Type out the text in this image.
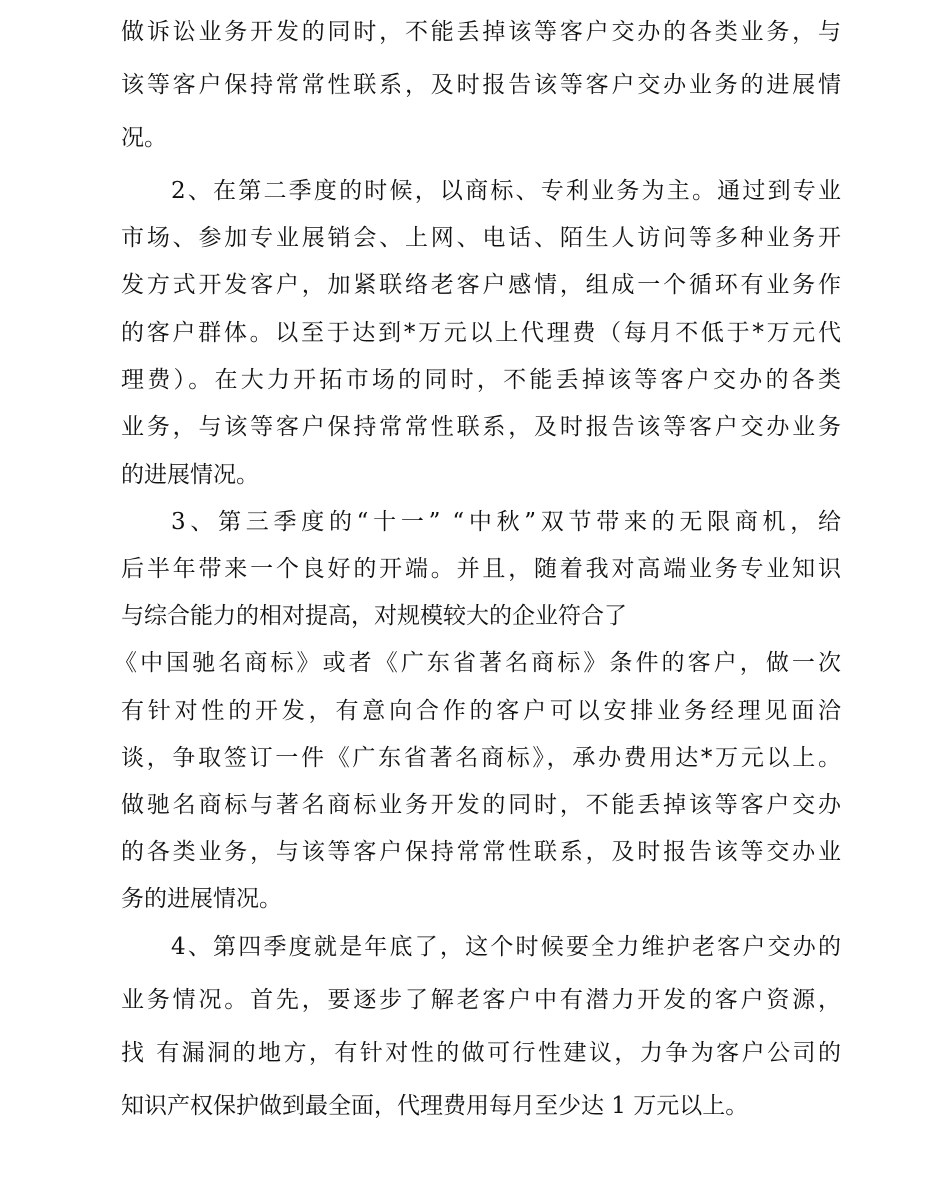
做诉讼业务开发的同时，不能丢掉该等客户交办的各类业务，与
该等客户保持常常性联系，及时报告该等客户交办业务的进展情
况。
2、在第二季度的时候，以商标、专利业务为主。通过到专业
市场、参加专业展销会、上网、电话、陌生人访问等多种业务开
发方式开发客户，加紧联络老客户感情，组成一个循环有业务作
的客户群体。以至于达到*万元以上代理费（每月不低于*万元代
理费）。在大力开拓市场的同时，不能丢掉该等客户交办的各类
业务，与该等客户保持常常性联系，及时报告该等客户交办业务
的进展情况。
3、第三季度的“十一” “中秋”双节带来的无限商机，给
后半年带来一个良好的开端。并且，随着我对高端业务专业知识
与综合能力的相对提高，对规模较大的企业符合了
《中国驰名商标》或者《广东省著名商标》条件的客户，做一次
有针对性的开发，有意向合作的客户可以安排业务经理见面洽
谈，争取签订一件《广东省著名商标》，承办费用达*万元以上。
做驰名商标与著名商标业务开发的同时，不能丢掉该等客户交办
的各类业务，与该等客户保持常常性联系，及时报告该等交办业
务的进展情况。
4、第四季度就是年底了，这个时候要全力维护老客户交办的
业务情况。首先，要逐步了解老客户中有潜力开发的客户资源，
找 有漏洞的地方，有针对性的做可行性建议，力争为客户公司的
知识产权保护做到最全面，代理费用每月至少达 1 万元以上。
